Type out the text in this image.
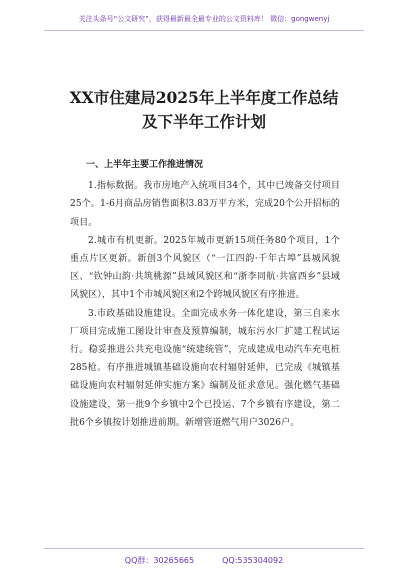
关注头条号“公文研究”，获得最新最全最专业的公文资料库！ 微信：gongwenyj
XX市住建局2025年上半年度工作总结
及下半年工作计划
一、上半年主要工作推进情况

1.指标数据。我市房地产入统项目34个，其中已竣备交付项目25个。1-6月商品房销售面积3.83万平方米，完成20个公开招标的项目。

2.城市有机更新。2025年城市更新15项任务80个项目，1个重点片区更新。新创3个风貌区（“一江四韵·千年古埠”县城风貌区、“钦钟山韵·共筑桃源”县域风貌区和“浙李同航·共富西乡”县域风貌区），其中1个市城风貌区和2个跨城风貌区有序推进。

3.市政基础设施建设。全面完成水务一体化建设，第三自来水厂项目完成施工图设计审查及预算编制，城东污水厂扩建工程试运行。稳妥推进公共充电设施“统建统管”，完成建成电动汽车充电桩285枪。有序推进城镇基础设施向农村辐射延伸，已完成《城镇基础设施向农村辐射延伸实施方案》编制及征求意见。强化燃气基础设施建设，第一批9个乡镇中2个已投运、7个乡镇有序建设，第二批6个乡镇按计划推进前期。新增管道燃气用户3026户。

QQ群：30265665	QQ:535304092
